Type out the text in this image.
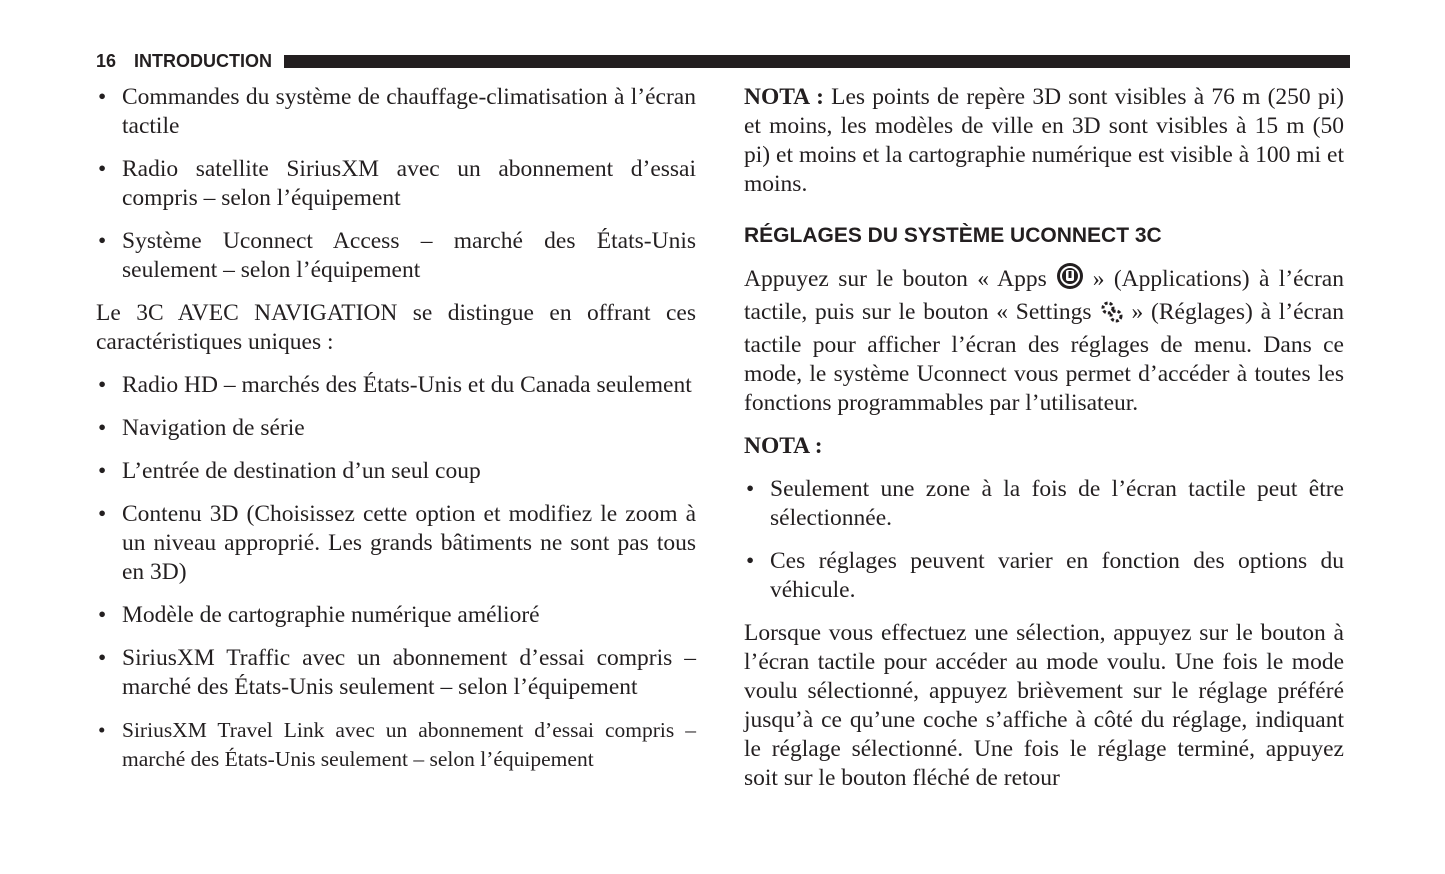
16 INTRODUCTION
• Commandes du système de chauffage-climatisation à l’écran tactile
• Radio satellite SiriusXM avec un abonnement d’essai compris – selon l’équipement
• Système Uconnect Access – marché des États-Unis seulement – selon l’équipement

Le 3C AVEC NAVIGATION se distingue en offrant ces caractéristiques uniques :

• Radio HD – marchés des États-Unis et du Canada seulement
• Navigation de série
• L’entrée de destination d’un seul coup
• Contenu 3D (Choisissez cette option et modifiez le zoom à un niveau approprié. Les grands bâtiments ne sont pas tous en 3D)
• Modèle de cartographie numérique amélioré
• SiriusXM Traffic avec un abonnement d’essai compris – marché des États-Unis seulement – selon l’équipement
• SiriusXM Travel Link avec un abonnement d’essai compris – marché des États-Unis seulement – selon l’équipement

NOTA : Les points de repère 3D sont visibles à 76 m (250 pi) et moins, les modèles de ville en 3D sont visibles à 15 m (50 pi) et moins et la cartographie numérique est visible à 100 mi et moins.

RÉGLAGES DU SYSTÈME UCONNECT 3C

Appuyez sur le bouton « Apps » (Applications) à l’écran tactile, puis sur le bouton « Settings » (Réglages) à l’écran tactile pour afficher l’écran des réglages de menu. Dans ce mode, le système Uconnect vous permet d’accéder à toutes les fonctions programmables par l’utilisateur.

NOTA :

• Seulement une zone à la fois de l’écran tactile peut être sélectionnée.
• Ces réglages peuvent varier en fonction des options du véhicule.

Lorsque vous effectuez une sélection, appuyez sur le bouton à l’écran tactile pour accéder au mode voulu. Une fois le mode voulu sélectionné, appuyez brièvement sur le réglage préféré jusqu’à ce qu’une coche s’affiche à côté du réglage, indiquant le réglage sélectionné. Une fois le réglage terminé, appuyez soit sur le bouton fléché de retour
